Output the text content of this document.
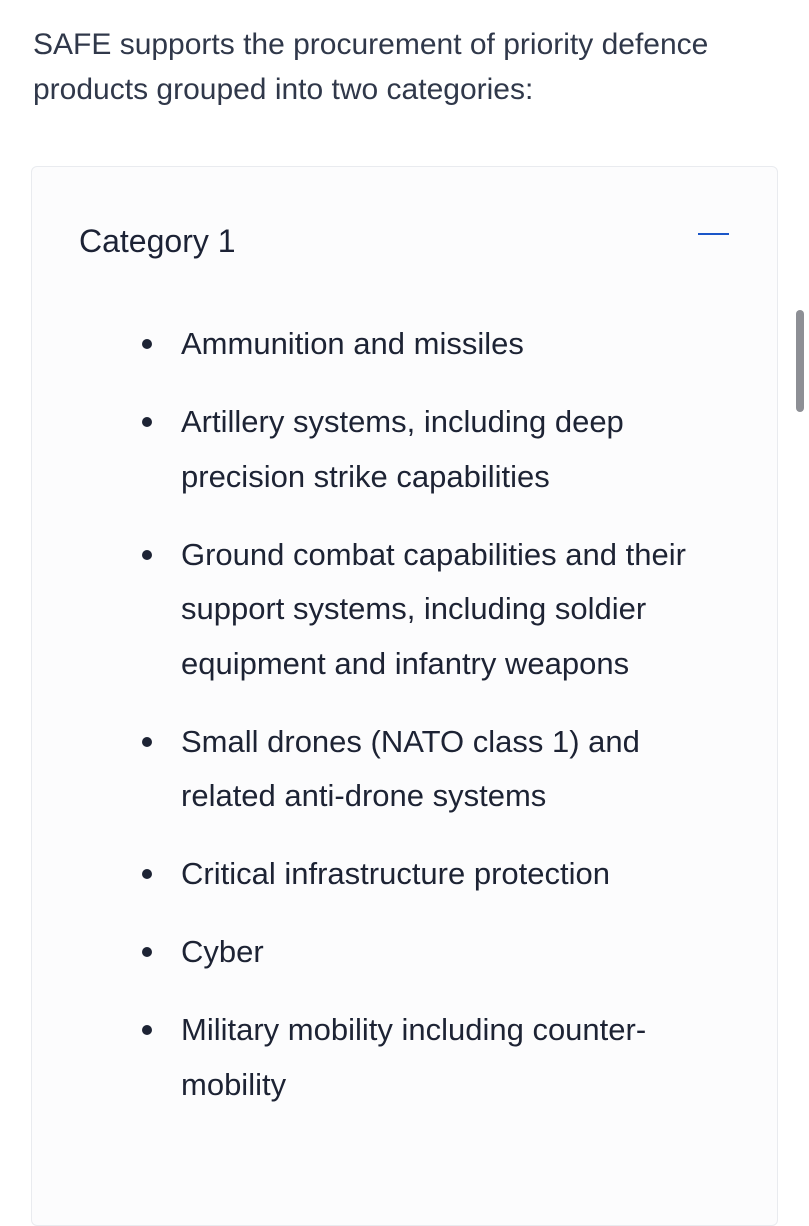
SAFE supports the procurement of priority defence products grouped into two categories:

Category 1
Ammunition and missiles
Artillery systems, including deep precision strike capabilities
Ground combat capabilities and their support systems, including soldier equipment and infantry weapons
Small drones (NATO class 1) and related anti-drone systems
Critical infrastructure protection
Cyber
Military mobility including counter-mobility
